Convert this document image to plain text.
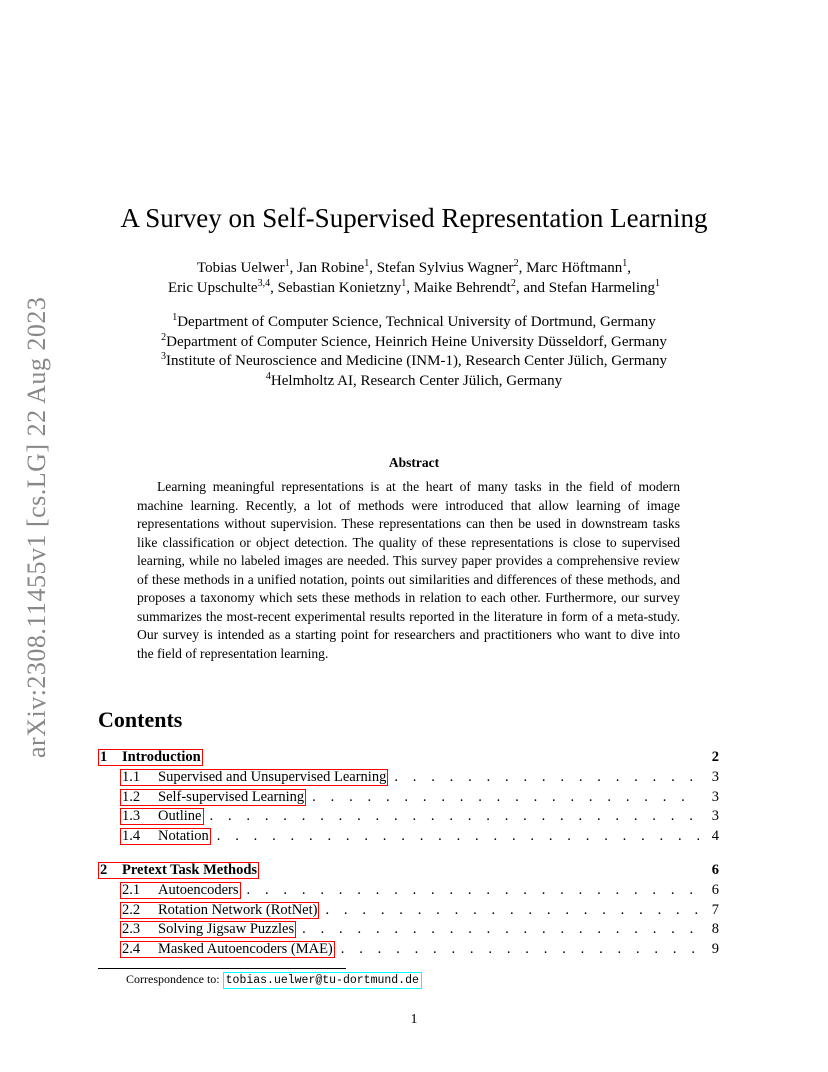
arXiv:2308.11455v1 [cs.LG] 22 Aug 2023
A Survey on Self-Supervised Representation Learning
Tobias Uelwer$^1$, Jan Robine$^1$, Stefan Sylvius Wagner$^2$, Marc Höftmann$^1$,
Eric Upschulte$^{3,4}$, Sebastian Konietzny$^1$, Maike Behrendt$^2$, and Stefan Harmeling$^1$
$^1$Department of Computer Science, Technical University of Dortmund, Germany
$^2$Department of Computer Science, Heinrich Heine University Düsseldorf, Germany
$^3$Institute of Neuroscience and Medicine (INM-1), Research Center Jülich, Germany
$^4$Helmholtz AI, Research Center Jülich, Germany
Abstract

Learning meaningful representations is at the heart of many tasks in the field of modern machine learning. Recently, a lot of methods were introduced that allow learning of image representations without supervision. These representations can then be used in downstream tasks like classification or object detection. The quality of these representations is close to supervised learning, while no labeled images are needed. This survey paper provides a comprehensive review of these methods in a unified notation, points out similarities and differences of these methods, and proposes a taxonomy which sets these methods in relation to each other. Furthermore, our survey summarizes the most-recent experimental results reported in the literature in form of a meta-study. Our survey is intended as a starting point for researchers and practitioners who want to dive into the field of representation learning.

Contents
1	Introduction	2
1.1	Supervised and Unsupervised Learning . . .	3
1.2	Self-supervised Learning . . .	3
1.3	Outline . . .	3
1.4	Notation . . .	4
2	Pretext Task Methods	6
2.1	Autoencoders . . .	6
2.2	Rotation Network (RotNet) . . .	7
2.3	Solving Jigsaw Puzzles . . .	8
2.4	Masked Autoencoders (MAE) . . .	9
Correspondence to: tobias.uelwer@tu-dortmund.de
1
